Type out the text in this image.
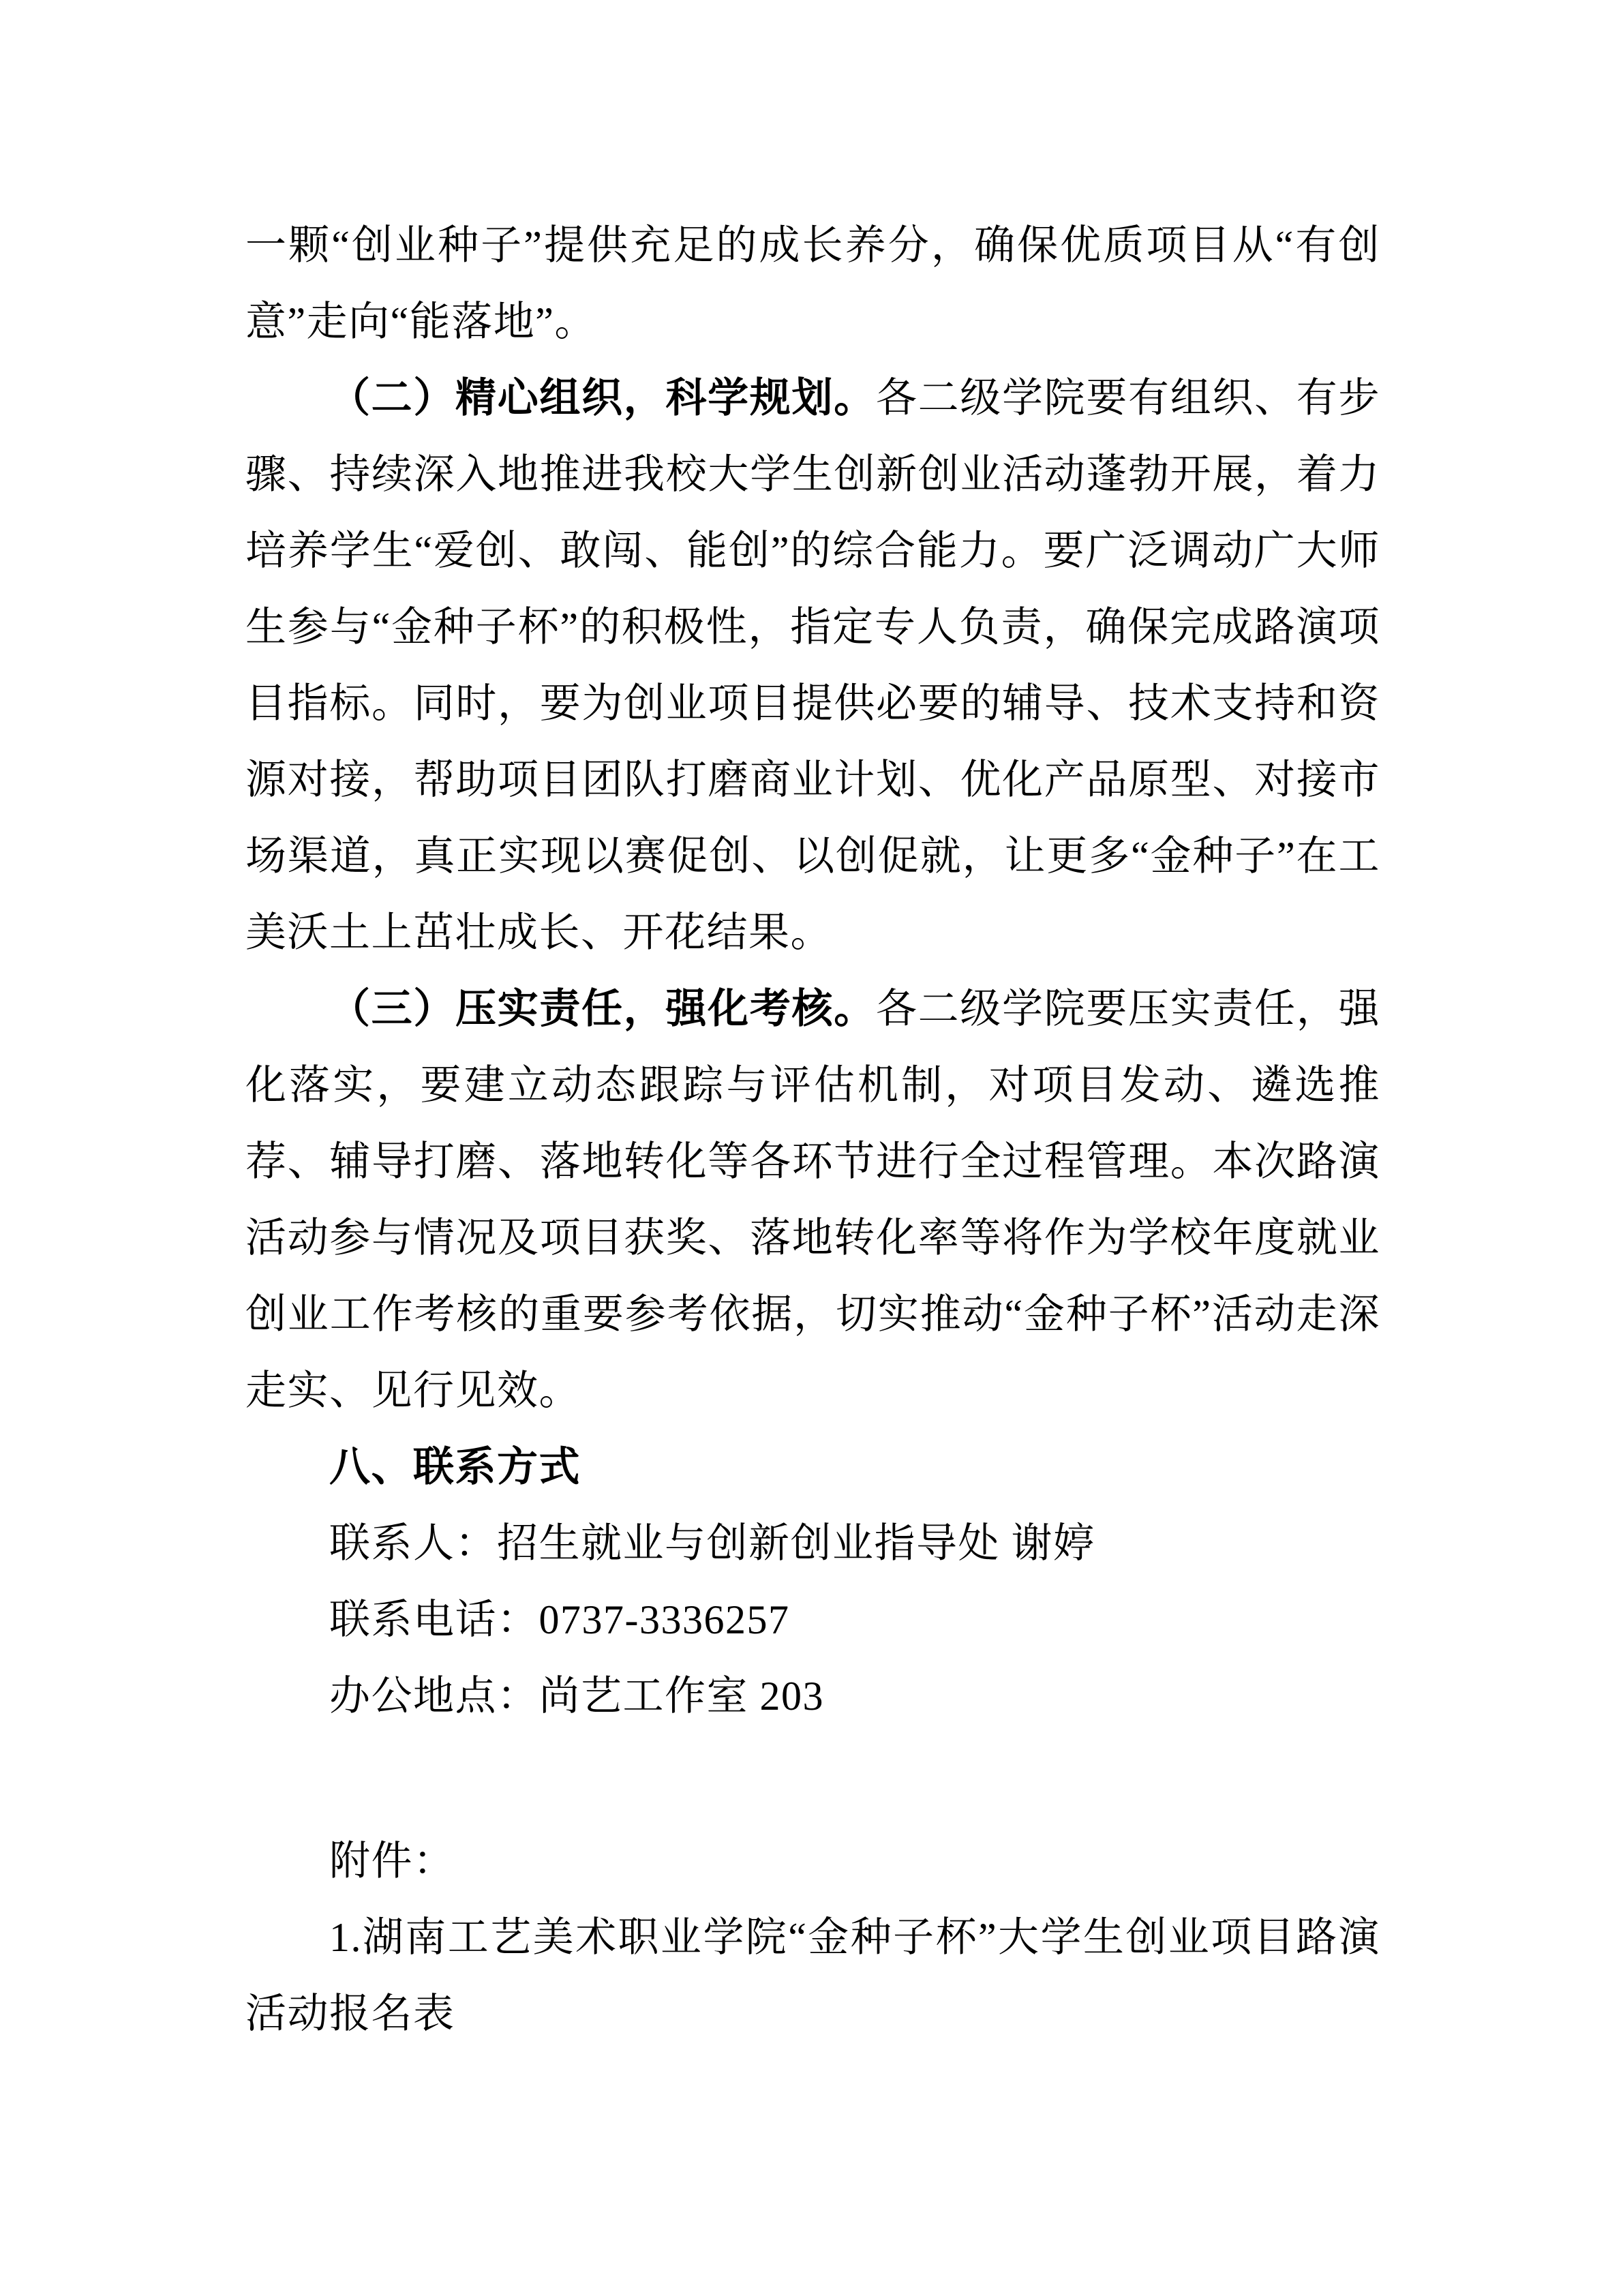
一颗“创业种子”提供充足的成长养分，确保优质项目从“有创意”走向“能落地”。

（二）精心组织，科学规划。各二级学院要有组织、有步骤、持续深入地推进我校大学生创新创业活动蓬勃开展，着力培养学生“爱创、敢闯、能创”的综合能力。要广泛调动广大师生参与“金种子杯”的积极性，指定专人负责，确保完成路演项目指标。同时，要为创业项目提供必要的辅导、技术支持和资源对接，帮助项目团队打磨商业计划、优化产品原型、对接市场渠道，真正实现以赛促创、以创促就，让更多“金种子”在工美沃土上茁壮成长、开花结果。

（三）压实责任，强化考核。各二级学院要压实责任，强化落实，要建立动态跟踪与评估机制，对项目发动、遴选推荐、辅导打磨、落地转化等各环节进行全过程管理。本次路演活动参与情况及项目获奖、落地转化率等将作为学校年度就业创业工作考核的重要参考依据，切实推动“金种子杯”活动走深走实、见行见效。

八、联系方式

联系人：招生就业与创新创业指导处 谢婷

联系电话：0737-3336257

办公地点：尚艺工作室 203

附件：

1.湖南工艺美术职业学院“金种子杯”大学生创业项目路演活动报名表
